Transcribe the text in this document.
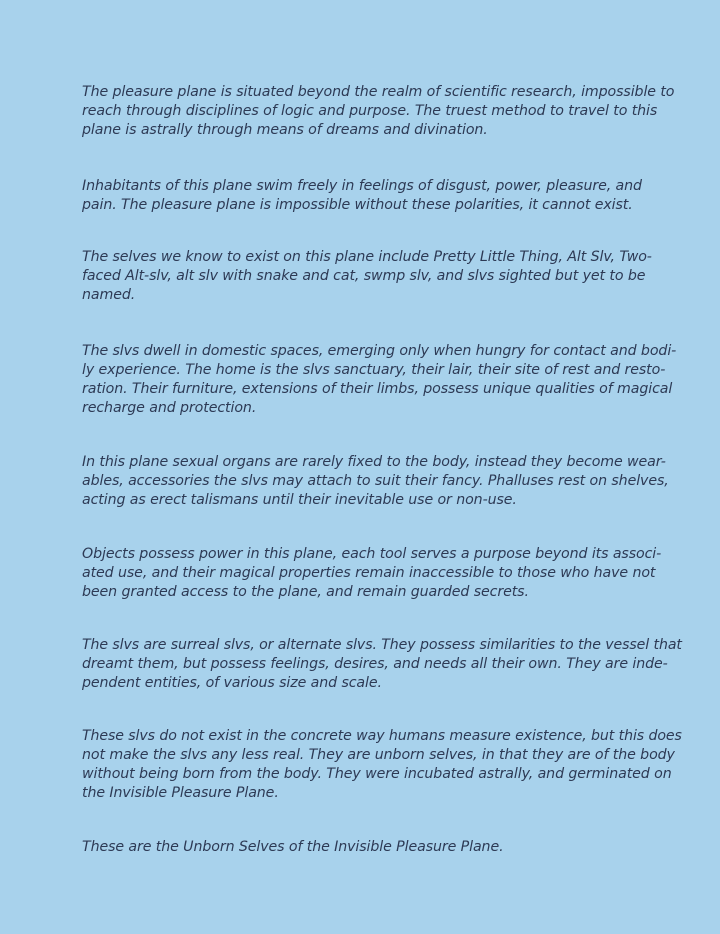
The pleasure plane is situated beyond the realm of scientific research, impossible to
reach through disciplines of logic and purpose. The truest method to travel to this
plane is astrally through means of dreams and divination.

Inhabitants of this plane swim freely in feelings of disgust, power, pleasure, and
pain. The pleasure plane is impossible without these polarities, it cannot exist.

The selves we know to exist on this plane include Pretty Little Thing, Alt Slv, Two-
faced Alt-slv, alt slv with snake and cat, swmp slv, and slvs sighted but yet to be
named.

The slvs dwell in domestic spaces, emerging only when hungry for contact and bodi-
ly experience. The home is the slvs sanctuary, their lair, their site of rest and resto-
ration. Their furniture, extensions of their limbs, possess unique qualities of magical
recharge and protection.

In this plane sexual organs are rarely fixed to the body, instead they become wear-
ables, accessories the slvs may attach to suit their fancy. Phalluses rest on shelves,
acting as erect talismans until their inevitable use or non-use.

Objects possess power in this plane, each tool serves a purpose beyond its associ-
ated use, and their magical properties remain inaccessible to those who have not
been granted access to the plane, and remain guarded secrets.

The slvs are surreal slvs, or alternate slvs. They possess similarities to the vessel that
dreamt them, but possess feelings, desires, and needs all their own. They are inde-
pendent entities, of various size and scale.

These slvs do not exist in the concrete way humans measure existence, but this does
not make the slvs any less real. They are unborn selves, in that they are of the body
without being born from the body. They were incubated astrally, and germinated on
the Invisible Pleasure Plane.

These are the Unborn Selves of the Invisible Pleasure Plane.
